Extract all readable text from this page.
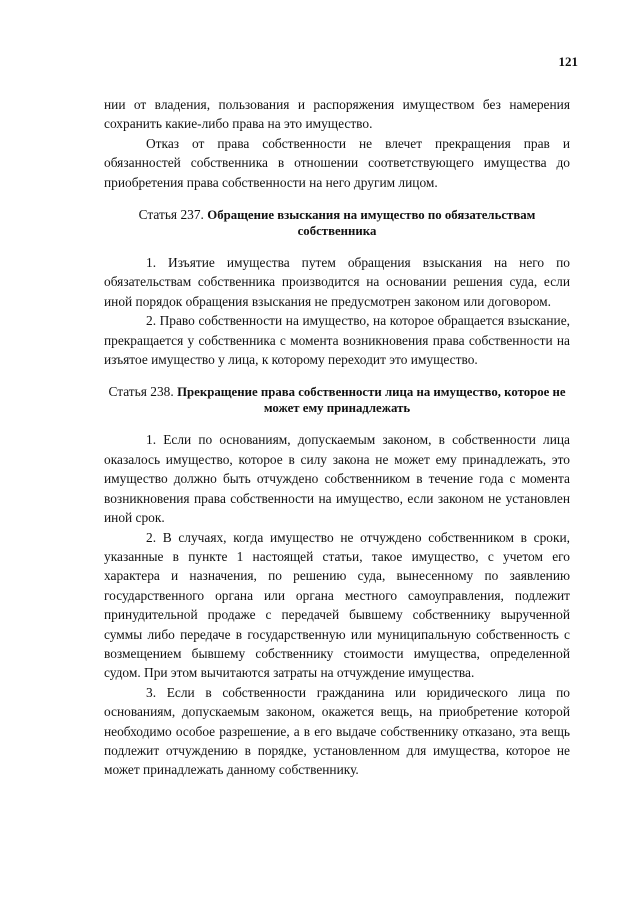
121

нии от владения, пользования и распоряжения имуществом без намерения сохранить какие-либо права на это имущество.

Отказ от права собственности не влечет прекращения прав и обязанностей собственника в отношении соответствующего имущества до приобретения права собственности на него другим лицом.

Статья 237. Обращение взыскания на имущество по обязательствам собственника

1. Изъятие имущества путем обращения взыскания на него по обязательствам собственника производится на основании решения суда, если иной порядок обращения взыскания не предусмотрен законом или договором.

2. Право собственности на имущество, на которое обращается взыскание, прекращается у собственника с момента возникновения права собственности на изъятое имущество у лица, к которому переходит это имущество.

Статья 238. Прекращение права собственности лица на имущество, которое не может ему принадлежать

1. Если по основаниям, допускаемым законом, в собственности лица оказалось имущество, которое в силу закона не может ему принадлежать, это имущество должно быть отчуждено собственником в течение года с момента возникновения права собственности на имущество, если законом не установлен иной срок.

2. В случаях, когда имущество не отчуждено собственником в сроки, указанные в пункте 1 настоящей статьи, такое имущество, с учетом его характера и назначения, по решению суда, вынесенному по заявлению государственного органа или органа местного самоуправления, подлежит принудительной продаже с передачей бывшему собственнику вырученной суммы либо передаче в государственную или муниципальную собственность с возмещением бывшему собственнику стоимости имущества, определенной судом. При этом вычитаются затраты на отчуждение имущества.

3. Если в собственности гражданина или юридического лица по основаниям, допускаемым законом, окажется вещь, на приобретение которой необходимо особое разрешение, а в его выдаче собственнику отказано, эта вещь подлежит отчуждению в порядке, установленном для имущества, которое не может принадлежать данному собственнику.
